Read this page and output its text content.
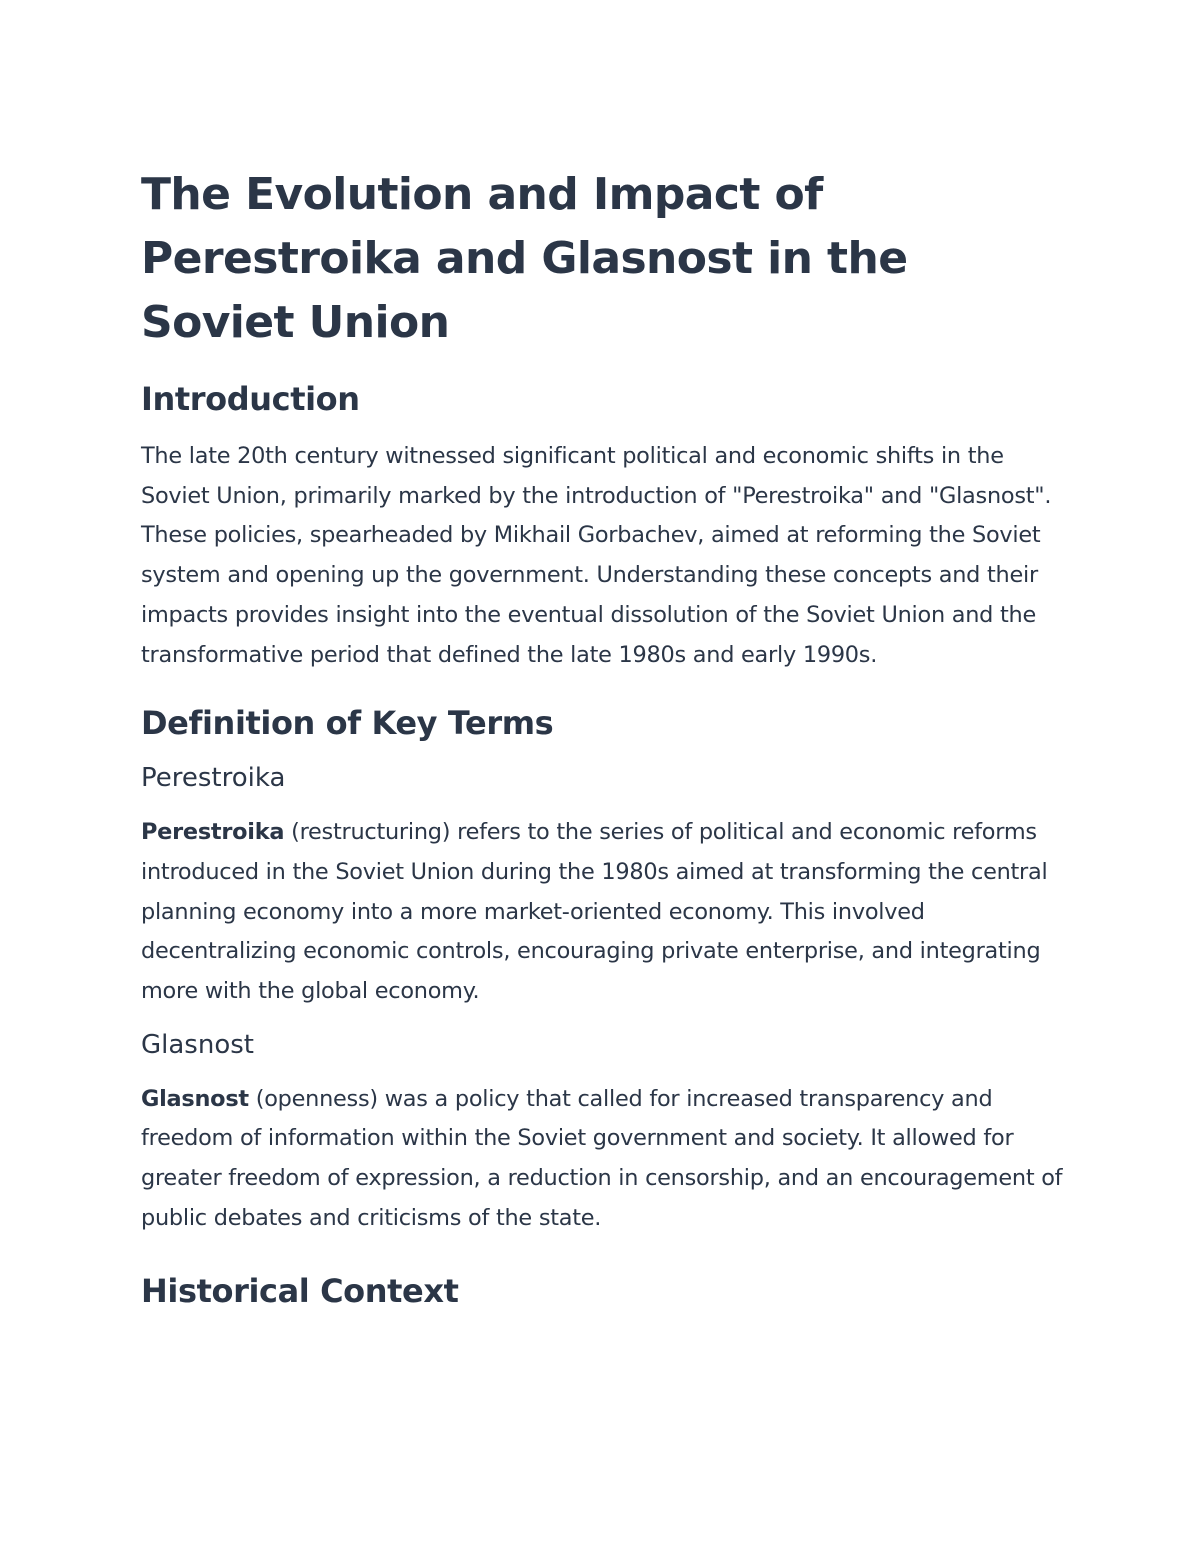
The Evolution and Impact of Perestroika and Glasnost in the Soviet Union
Introduction

The late 20th century witnessed significant political and economic shifts in the Soviet Union, primarily marked by the introduction of "Perestroika" and "Glasnost". These policies, spearheaded by Mikhail Gorbachev, aimed at reforming the Soviet system and opening up the government. Understanding these concepts and their impacts provides insight into the eventual dissolution of the Soviet Union and the transformative period that defined the late 1980s and early 1990s.

Definition of Key Terms
Perestroika

Perestroika (restructuring) refers to the series of political and economic reforms introduced in the Soviet Union during the 1980s aimed at transforming the central planning economy into a more market-oriented economy. This involved decentralizing economic controls, encouraging private enterprise, and integrating more with the global economy.

Glasnost

Glasnost (openness) was a policy that called for increased transparency and freedom of information within the Soviet government and society. It allowed for greater freedom of expression, a reduction in censorship, and an encouragement of public debates and criticisms of the state.

Historical Context
